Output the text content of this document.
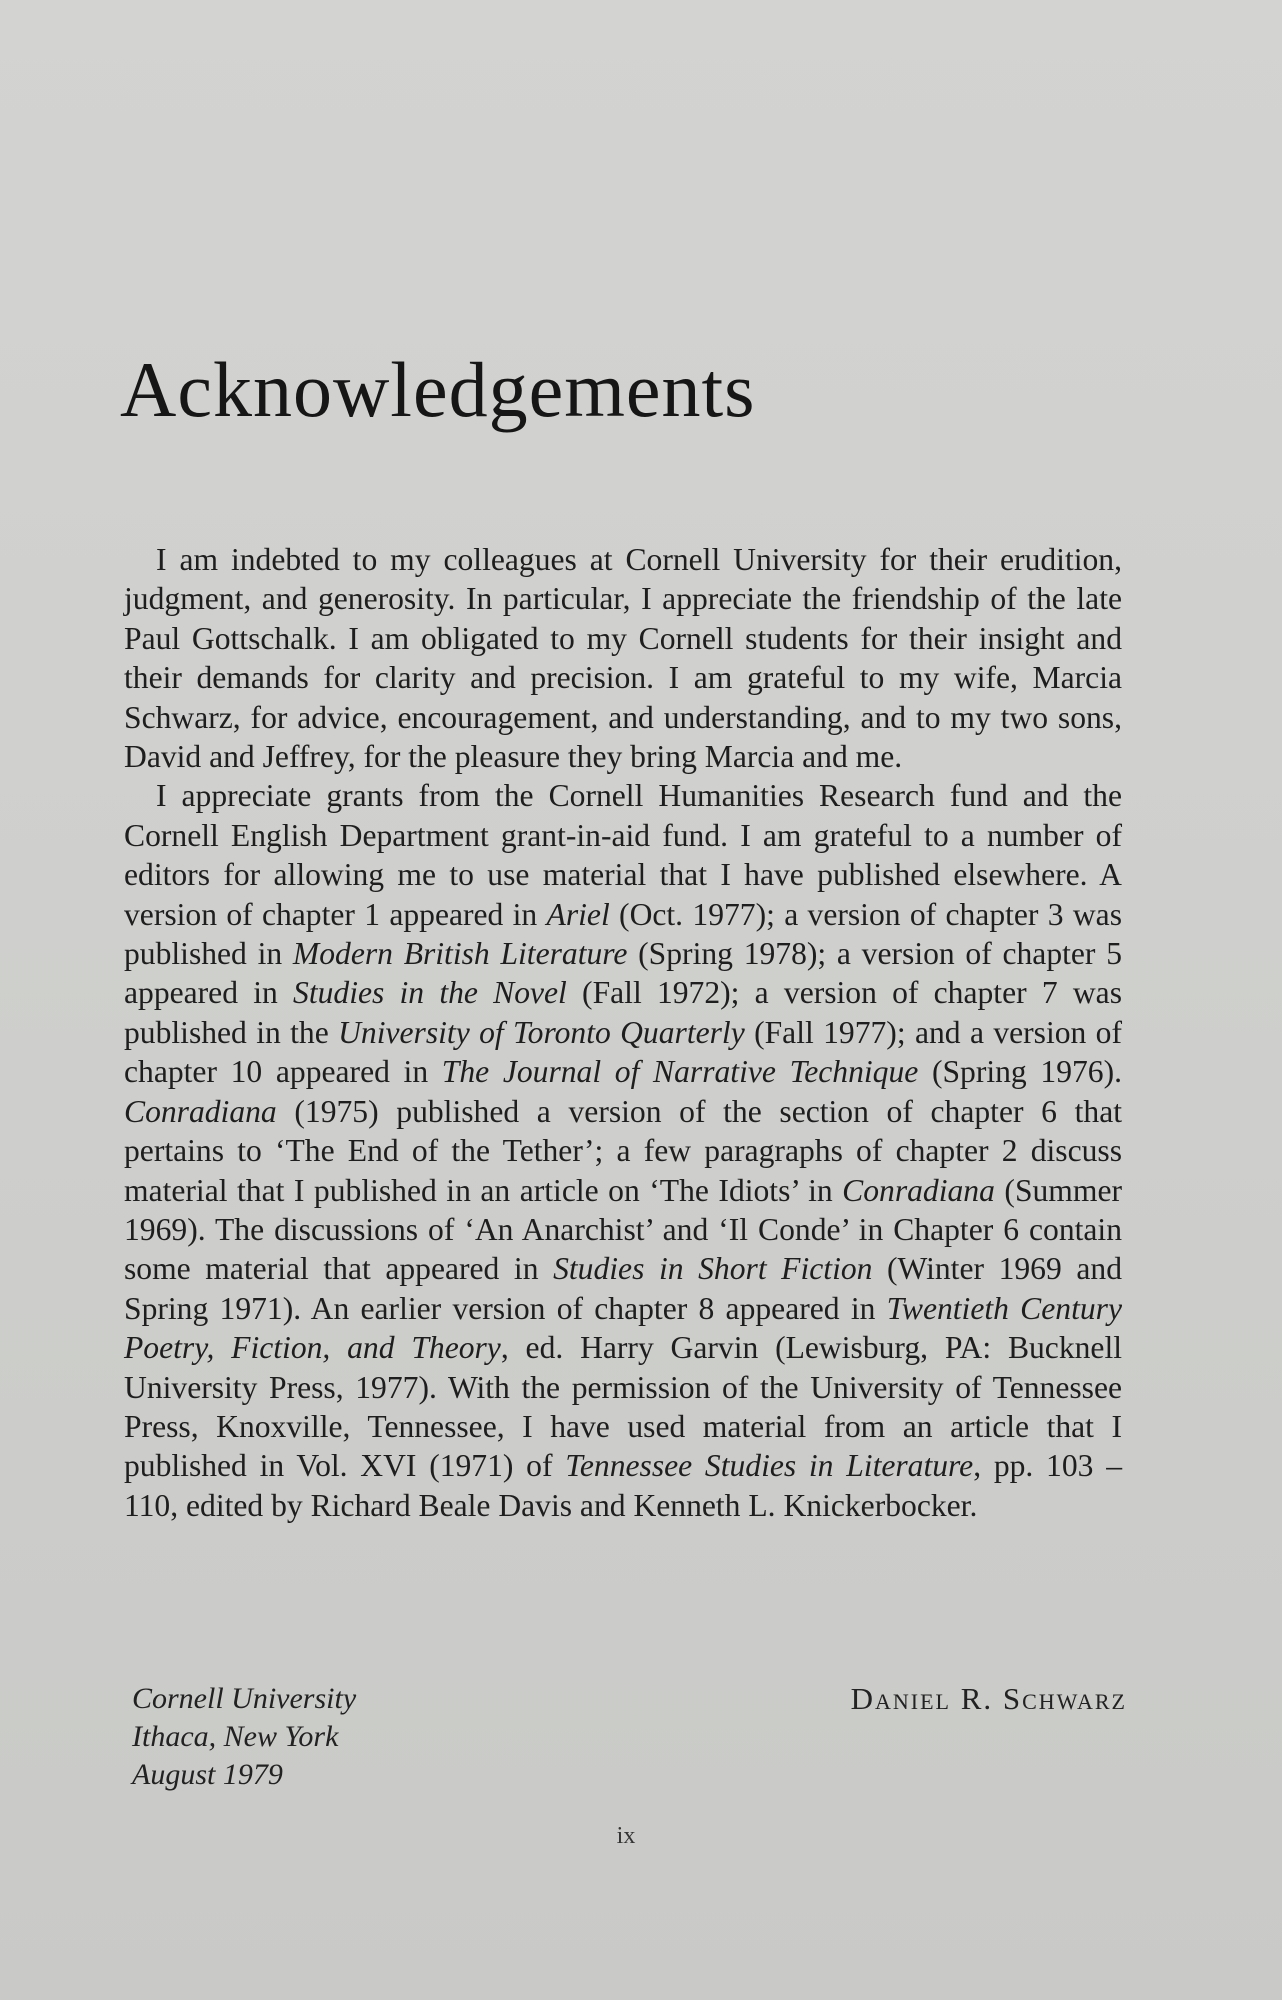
Acknowledgements

I am indebted to my colleagues at Cornell University for their erudition, judgment, and generosity. In particular, I appreciate the friendship of the late Paul Gottschalk. I am obligated to my Cornell students for their insight and their demands for clarity and precision. I am grateful to my wife, Marcia Schwarz, for advice, encouragement, and understanding, and to my two sons, David and Jeffrey, for the pleasure they bring Marcia and me.

I appreciate grants from the Cornell Humanities Research fund and the Cornell English Department grant-in-aid fund. I am grateful to a number of editors for allowing me to use material that I have published elsewhere. A version of chapter 1 appeared in Ariel (Oct. 1977); a version of chapter 3 was published in Modern British Literature (Spring 1978); a version of chapter 5 appeared in Studies in the Novel (Fall 1972); a version of chapter 7 was published in the University of Toronto Quarterly (Fall 1977); and a version of chapter 10 appeared in The Journal of Narrative Technique (Spring 1976). Conradiana (1975) published a version of the section of chapter 6 that pertains to ‘The End of the Tether’; a few paragraphs of chapter 2 discuss material that I published in an article on ‘The Idiots’ in Conradiana (Summer 1969). The discussions of ‘An Anarchist’ and ‘Il Conde’ in Chapter 6 contain some material that appeared in Studies in Short Fiction (Winter 1969 and Spring 1971). An earlier version of chapter 8 appeared in Twentieth Century Poetry, Fiction, and Theory, ed. Harry Garvin (Lewisburg, PA: Bucknell University Press, 1977). With the permission of the University of Tennessee Press, Knoxville, Tennessee, I have used material from an article that I published in Vol. XVI (1971) of Tennessee Studies in Literature, pp. 103 – 110, edited by Richard Beale Davis and Kenneth L. Knickerbocker.

Cornell University
Ithaca, New York
August 1979
Daniel R. Schwarz
ix
